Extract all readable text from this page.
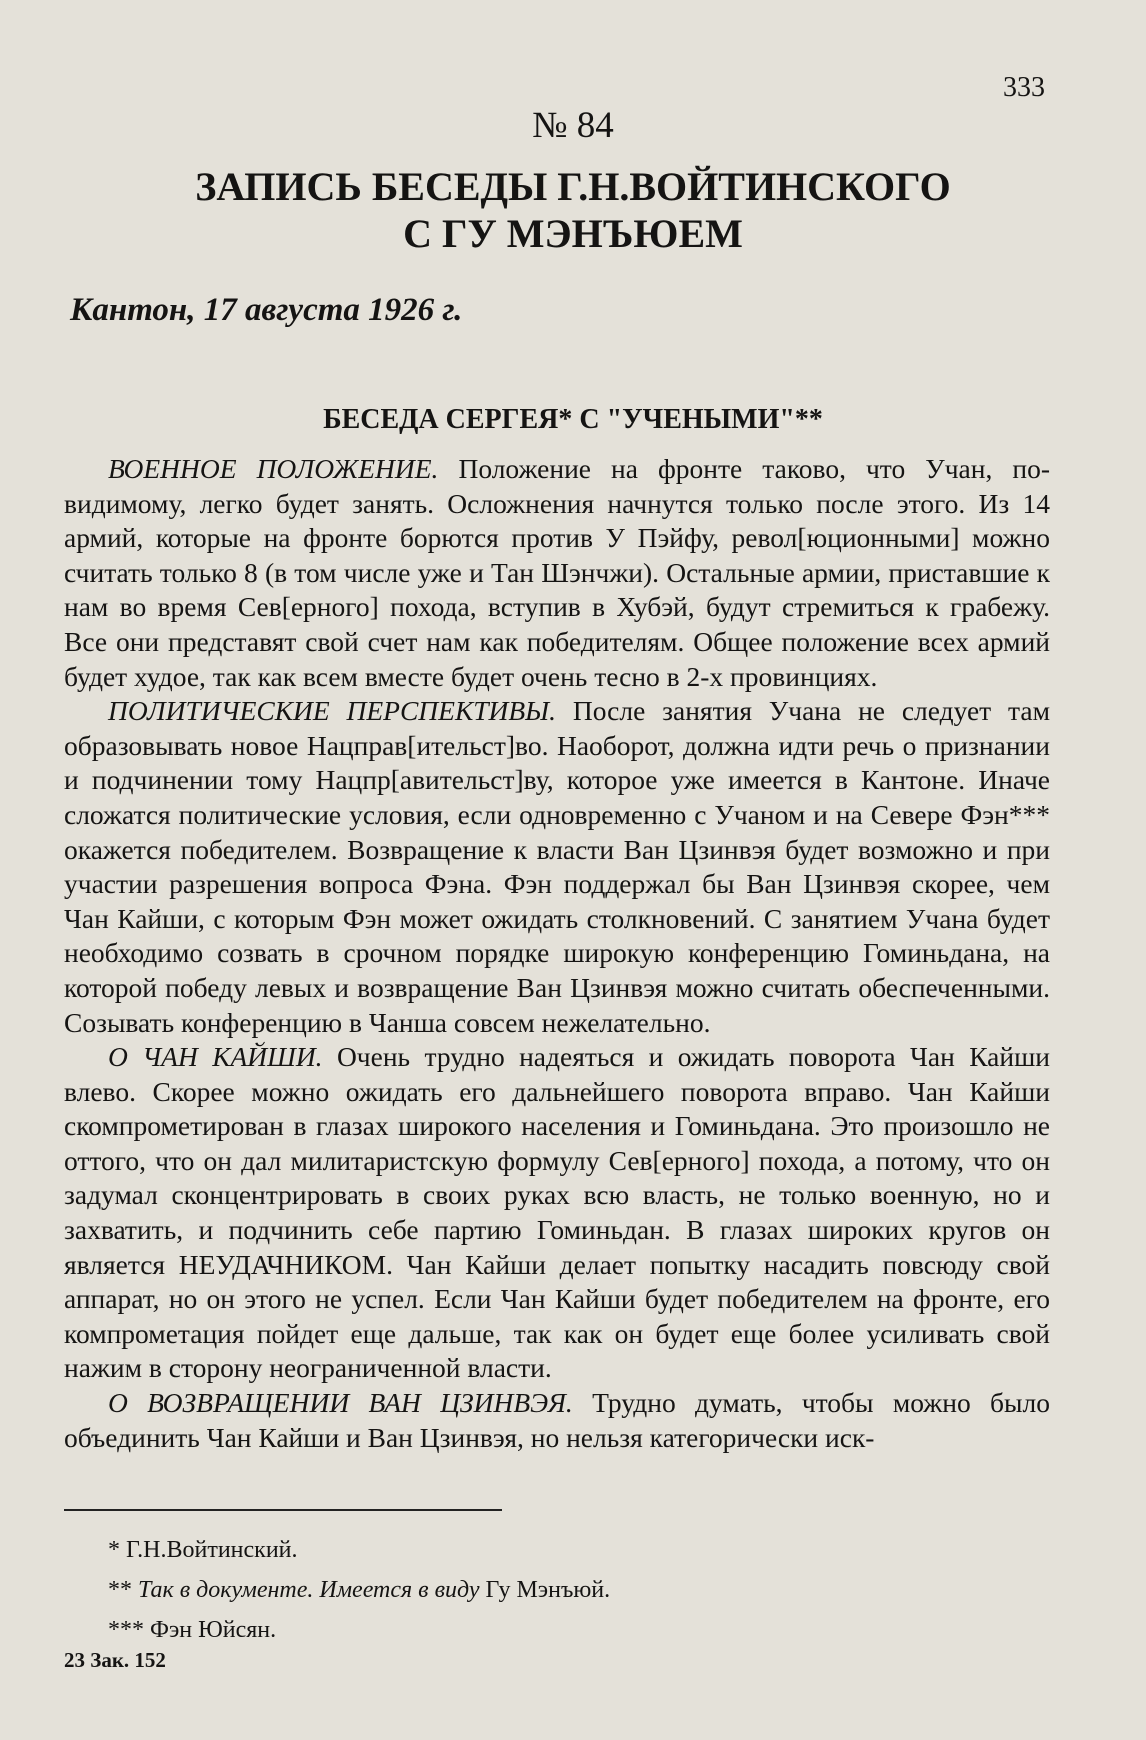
333
№ 84
ЗАПИСЬ БЕСЕДЫ Г.Н.ВОЙТИНСКОГО
С ГУ МЭНЪЮЕМ
Кантон, 17 августа 1926 г.
БЕСЕДА СЕРГЕЯ* С "УЧЕНЫМИ"**

ВОЕННОЕ ПОЛОЖЕНИЕ. Положение на фронте таково, что Учан, по-видимому, легко будет занять. Осложнения начнутся только после этого. Из 14 армий, которые на фронте борются против У Пэйфу, револ[юционными] можно считать только 8 (в том числе уже и Тан Шэнчжи). Остальные армии, приставшие к нам во время Сев[ерного] похода, вступив в Хубэй, будут стремиться к грабежу. Все они представят свой счет нам как победителям. Общее положение всех армий будет худое, так как всем вместе будет очень тесно в 2-х провинциях.

ПОЛИТИЧЕСКИЕ ПЕРСПЕКТИВЫ. После занятия Учана не следует там образовывать новое Нацправ[ительст]во. Наоборот, должна идти речь о признании и подчинении тому Нацпр[авительст]ву, которое уже имеется в Кантоне. Иначе сложатся политические условия, если одновременно с Учаном и на Севере Фэн*** окажется победителем. Возвращение к власти Ван Цзинвэя будет возможно и при участии разрешения вопроса Фэна. Фэн поддержал бы Ван Цзинвэя скорее, чем Чан Кайши, с которым Фэн может ожидать столкновений. С занятием Учана будет необходимо созвать в срочном порядке широкую конференцию Гоминьдана, на которой победу левых и возвращение Ван Цзинвэя можно считать обеспеченными. Созывать конференцию в Чанша совсем нежелательно.

О ЧАН КАЙШИ. Очень трудно надеяться и ожидать поворота Чан Кайши влево. Скорее можно ожидать его дальнейшего поворота вправо. Чан Кайши скомпрометирован в глазах широкого населения и Гоминьдана. Это произошло не оттого, что он дал милитаристскую формулу Сев[ерного] похода, а потому, что он задумал сконцентрировать в своих руках всю власть, не только военную, но и захватить, и подчинить себе партию Гоминьдан. В глазах широких кругов он является НЕУДАЧНИКОМ. Чан Кайши делает попытку насадить повсюду свой аппарат, но он этого не успел. Если Чан Кайши будет победителем на фронте, его компрометация пойдет еще дальше, так как он будет еще более усиливать свой нажим в сторону неограниченной власти.

О ВОЗВРАЩЕНИИ ВАН ЦЗИНВЭЯ. Трудно думать, чтобы можно было объединить Чан Кайши и Ван Цзинвэя, но нельзя категорически иск-

* Г.Н.Войтинский.
** Так в документе. Имеется в виду Гу Мэнъюй.
*** Фэн Юйсян.
23 Зак. 152
